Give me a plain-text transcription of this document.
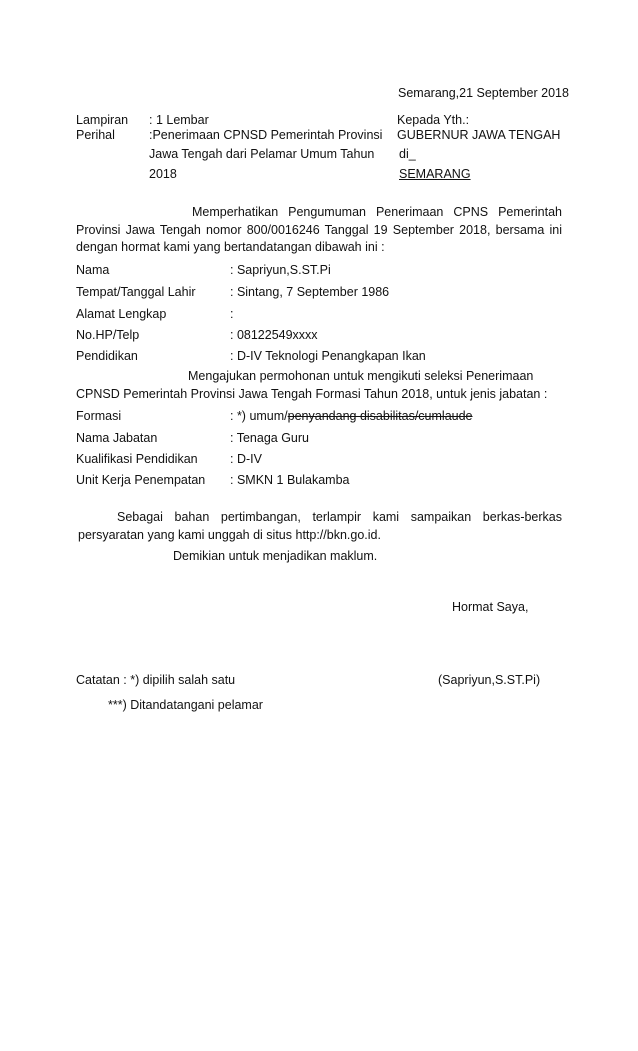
Semarang,21 September 2018
Lampiran : 1 Lembar
Perihal	:Penerimaan CPNSD Pemerintah Provinsi
Jawa Tengah dari Pelamar Umum Tahun
2018
Kepada Yth.:
GUBERNUR JAWA TENGAH
di_
SEMARANG
Memperhatikan Pengumuman Penerimaan CPNS Pemerintah
Provinsi Jawa Tengah nomor 800/0016246 Tanggal 19 September 2018, bersama ini
dengan hormat kami yang bertandatangan dibawah ini :
Nama	: Sapriyun,S.ST.Pi
Tempat/Tanggal Lahir	: Sintang, 7 September 1986
Alamat Lengkap	:
No.HP/Telp	: 08122549xxxx
Pendidikan	: D-IV Teknologi Penangkapan Ikan
Mengajukan permohonan untuk mengikuti seleksi Penerimaan
CPNSD Pemerintah Provinsi Jawa Tengah Formasi Tahun 2018, untuk jenis jabatan :
Formasi	: *) umum/penyandang disabilitas/cumlaude
Nama Jabatan	: Tenaga Guru
Kualifikasi Pendidikan	: D-IV
Unit Kerja Penempatan : SMKN 1 Bulakamba
Sebagai bahan pertimbangan, terlampir kami sampaikan berkas-berkas
persyaratan yang kami unggah di situs http://bkn.go.id.
Demikian untuk menjadikan maklum.
Hormat Saya,
(Sapriyun,S.ST.Pi)
Catatan : *) dipilih salah satu
***) Ditandatangani pelamar
